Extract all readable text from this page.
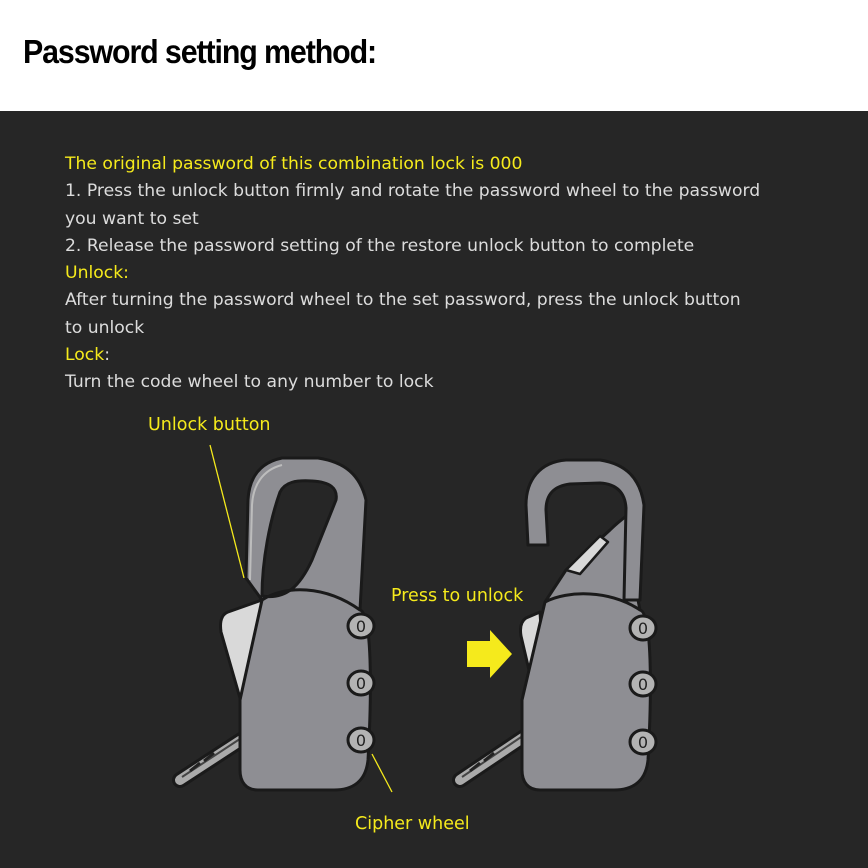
Password setting method:
The original password of this combination lock is 000
1. Press the unlock button firmly and rotate the password wheel to the password
you want to set
2. Release the password setting of the restore unlock button to complete
Unlock:
After turning the password wheel to the set password, press the unlock button
to unlock
Lock:
Turn the code wheel to any number to lock
0
0
0
0
0
0
Unlock button
Press to unlock
Cipher wheel
